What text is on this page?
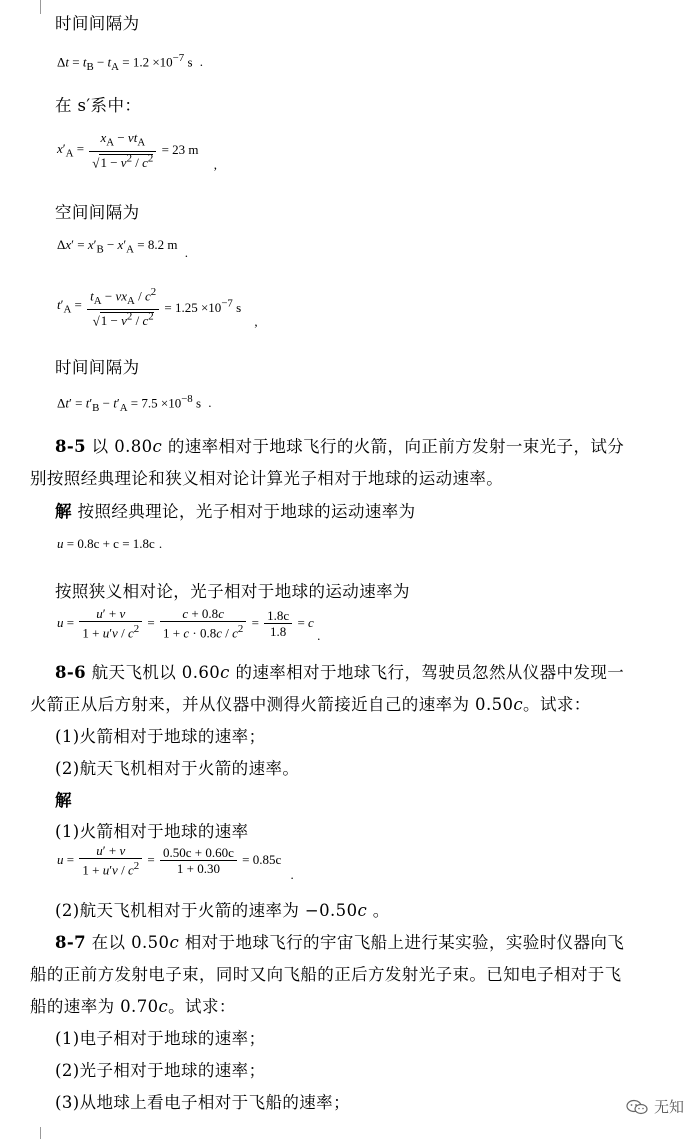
时间间隔为
$\Delta t = t_B - t_A = 1.2 \times 10^{-7}$ s .
在 s′系中：
$x'_A = \frac{x_A - vt_A}{√1 - v^2 / c^2} = 23$ m ,
空间间隔为
$\Delta x' = x'_B - x'_A = 8.2$ m .
$t'_A = \frac{t_A - vx_A / c^2}{√1 - v^2 / c^2} = 1.25 \times 10^{-7}$ s ,
时间间隔为
$\Delta t' = t'_B - t'_A = 7.5 \times 10^{-8}$ s .
8-5 以 0.80c 的速率相对于地球飞行的火箭，向正前方发射一束光子，试分
别按照经典理论和狭义相对论计算光子相对于地球的运动速率。
解 按照经典理论，光子相对于地球的运动速率为
u = 0.8c + c = 1.8c .
按照狭义相对论，光子相对于地球的运动速率为
$u = \frac{u' + v}{1 + u'v / c^2} = \frac{c + 0.8c}{1 + c \cdot 0.8c / c^2} = \frac{1.8c}{1.8} = c$ .
8-6 航天飞机以 0.60c 的速率相对于地球飞行，驾驶员忽然从仪器中发现一
火箭正从后方射来，并从仪器中测得火箭接近自己的速率为 0.50c。试求：
(1)火箭相对于地球的速率；
(2)航天飞机相对于火箭的速率。
解
(1)火箭相对于地球的速率
$u = \frac{u' + v}{1 + u'v / c^2} = \frac{0.50c + 0.60c}{1 + 0.30} = 0.85c$ .
(2)航天飞机相对于火箭的速率为 −0.50c 。
8-7 在以 0.50c 相对于地球飞行的宇宙飞船上进行某实验，实验时仪器向飞
船的正前方发射电子束，同时又向飞船的正后方发射光子束。已知电子相对于飞
船的速率为 0.70c。试求：
(1)电子相对于地球的速率；
(2)光子相对于地球的速率；
(3)从地球上看电子相对于飞船的速率；	无知
